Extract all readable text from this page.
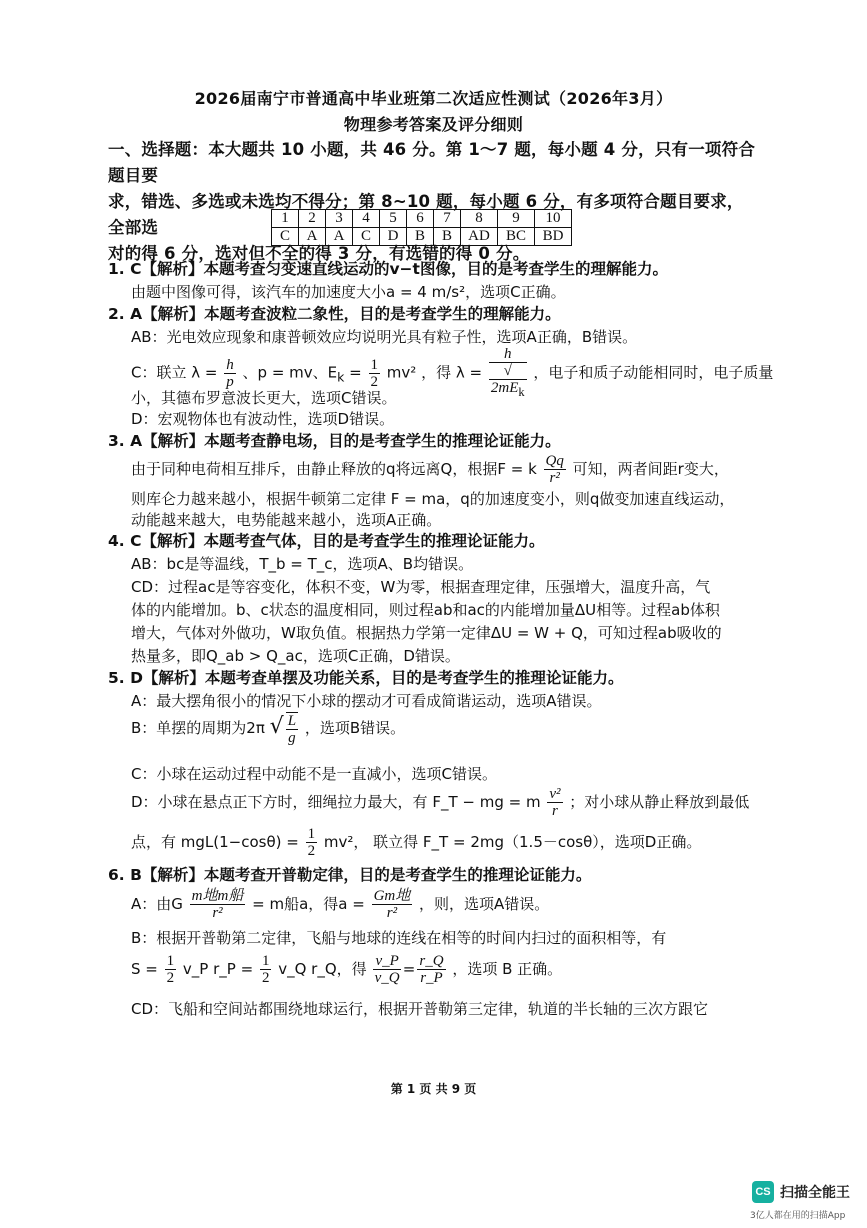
2026届南宁市普通高中毕业班第二次适应性测试（2026年3月）
物理参考答案及评分细则
一、选择题：本大题共 10 小题，共 46 分。第 1～7 题，每小题 4 分，只有一项符合题目要
求，错选、多选或未选均不得分；第 8~10 题，每小题 6 分，有多项符合题目要求，全部选
对的得 6 分，选对但不全的得 3 分，有选错的得 0 分。
1	2	3	4	5	6	7	8	9	10
C	A	A	C	D	B	B	AD	BC	BD
1. C【解析】本题考查匀变速直线运动的v−t图像，目的是考查学生的理解能力。
由题中图像可得，该汽车的加速度大小a = 4 m/s²，选项C正确。
2. A【解析】本题考查波粒二象性，目的是考查学生的理解能力。
AB：光电效应现象和康普顿效应均说明光具有粒子性，选项A正确，B错误。
C：联立 $\lambda = \frac{h}{p}$ 、p = mv、$E_k = \frac{1}{2} mv^2$ ，得 λ = h
√
$2mE_k$ ，电子和质子动能相同时，电子质量
小，其德布罗意波长更大，选项C错误。
D：宏观物体也有波动性，选项D错误。
3. A【解析】本题考查静电场，目的是考查学生的推理论证能力。
由于同种电荷相互排斥，由静止释放的q将远离Q，根据F = k $\frac{Qq}{\text{r²}}$ 可知，两者间距r变大，
则库仑力越来越小，根据牛顿第二定律 F = ma，q的加速度变小，则q做变加速直线运动，
动能越来越大，电势能越来越小，选项A正确。
4. C【解析】本题考查气体，目的是考查学生的推理论证能力。
AB：bc是等温线，T_b = T_c，选项A、B均错误。
CD：过程ac是等容变化，体积不变，W为零，根据查理定律，压强增大，温度升高，气
体的内能增加。b、c状态的温度相同，则过程ab和ac的内能增加量ΔU相等。过程ab体积
增大，气体对外做功，W取负值。根据热力学第一定律ΔU = W + Q，可知过程ab吸收的
热量多，即Q_ab > Q_ac，选项C正确，D错误。
5. D【解析】本题考查单摆及功能关系，目的是考查学生的推理论证能力。
A：最大摆角很小的情况下小球的摆动才可看成简谐运动，选项A错误。
B：单摆的周期为2π √ $\frac{L}{g}$ ，选项B错误。
C：小球在运动过程中动能不是一直减小，选项C错误。
D：小球在悬点正下方时，细绳拉力最大，有 F_T − mg = m $\frac{\text{v²}}{r}$ ；对小球从静止释放到最低
点，有 $mgL(1-\cos\theta) = \frac{1}{2} mv^2$， 联立得 F_T = 2mg（1.5－cosθ），选项D正确。
6. B【解析】本题考查开普勒定律，目的是考查学生的推理论证能力。
A：由G $\frac{\text{m地m船}}{\text{r²}} = m$船a，得$a = \frac{\text{Gm地}}{\text{r²}}$ ，则，选项A错误。
B：根据开普勒第二定律，飞船与地球的连线在相等的时间内扫过的面积相等，有
$S = \frac{1}{2}$ v_P r_P = $\frac{1}{2}$ v_Q r_Q，得 $\frac{v\_P}{v\_Q} = \frac{r\_Q}{r\_P}$ ，选项 B 正确。
CD：飞船和空间站都围绕地球运行，根据开普勒第三定律，轨道的半长轴的三次方跟它
第 1 页 共 9 页
CS 扫描全能王
3亿人都在用的扫描App
